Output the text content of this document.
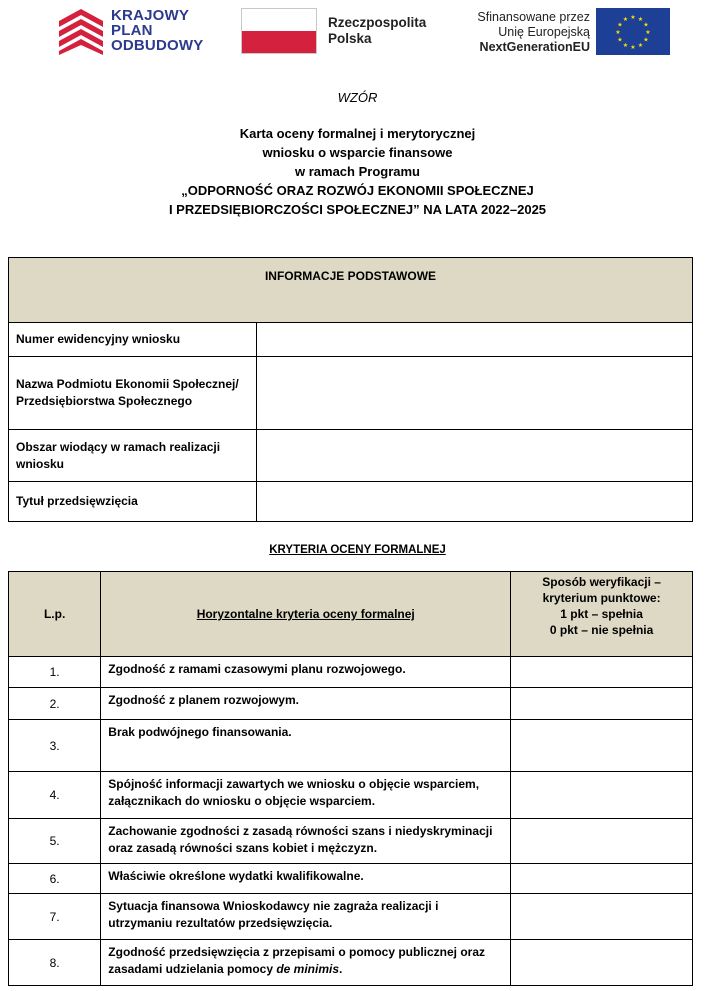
KRAJOWY
PLAN
ODBUDOWY
Rzeczpospolita
Polska
Sfinansowane przez
Unię Europejską
NextGenerationEU
★ ★
★
★
★
★
★
★
★
★
★
★
WZÓR
Karta oceny formalnej i merytorycznej
wniosku o wsparcie finansowe
w ramach Programu
„ODPORNOŚĆ ORAZ ROZWÓJ EKONOMII SPOŁECZNEJ
I PRZEDSIĘBIORCZOŚCI SPOŁECZNEJ” NA LATA 2022–2025
INFORMACJE PODSTAWOWE	
Numer ewidencyjny wniosku	
Nazwa Podmiotu Ekonomii Społecznej/ Przedsiębiorstwa Społecznego	
Obszar wiodący w ramach realizacji wniosku	
Tytuł przedsięwzięcia	
KRYTERIA OCENY FORMALNEJ
L.p.	Horyzontalne kryteria oceny formalnej	Sposób weryfikacji –
kryterium punktowe:
1 pkt – spełnia
0 pkt – nie spełnia

1.	Zgodność z ramami czasowymi planu rozwojowego.	
2.	Zgodność z planem rozwojowym.	
3.	Brak podwójnego finansowania.	
4.	Spójność informacji zawartych we wniosku o objęcie wsparciem, załącznikach do wniosku o objęcie wsparciem.	
5.	Zachowanie zgodności z zasadą równości szans i niedyskryminacji oraz zasadą równości szans kobiet i mężczyzn.	
6.	Właściwie określone wydatki kwalifikowalne.	
7.	Sytuacja finansowa Wnioskodawcy nie zagraża realizacji i utrzymaniu rezultatów przedsięwzięcia.	
8.	Zgodność przedsięwzięcia z przepisami o pomocy publicznej oraz zasadami udzielania pomocy de minimis.	
